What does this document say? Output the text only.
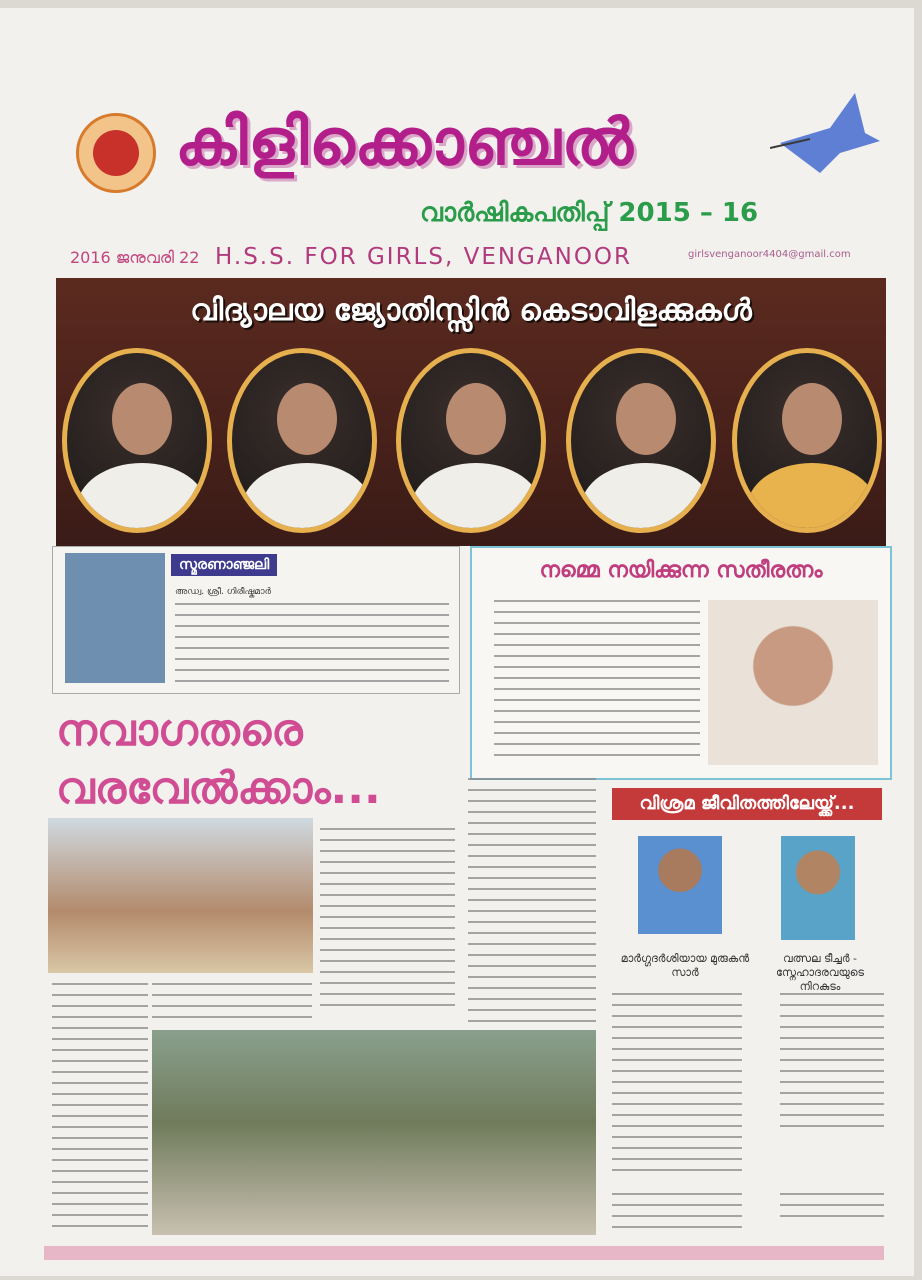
കിളിക്കൊഞ്ചൽ
വാർഷികപതിപ്പ് 2015 – 16
2016 ജനുവരി 22 H.S.S. FOR GIRLS, VENGANOOR	girlsvenganoor4404@gmail.com
വിദ്യാലയ ജ്യോതിസ്സിൻ കെടാവിളക്കുകൾ
സ്മരണാഞ്ജലി
അഡ്വ. ശ്രീ. ഗിരീഷ്കുമാർ
നമ്മെ നയിക്കുന്ന സതീരത്നം
നവാഗതരെ
വരവേൽക്കാം...	വിശ്രമ ജീവിതത്തിലേയ്ക്ക്...
മാർഗ്ഗദർശിയായ മുരുകൻ സാർ
വത്സല ടീച്ചർ - സ്നേഹാദരവയുടെ നിറകുടം
